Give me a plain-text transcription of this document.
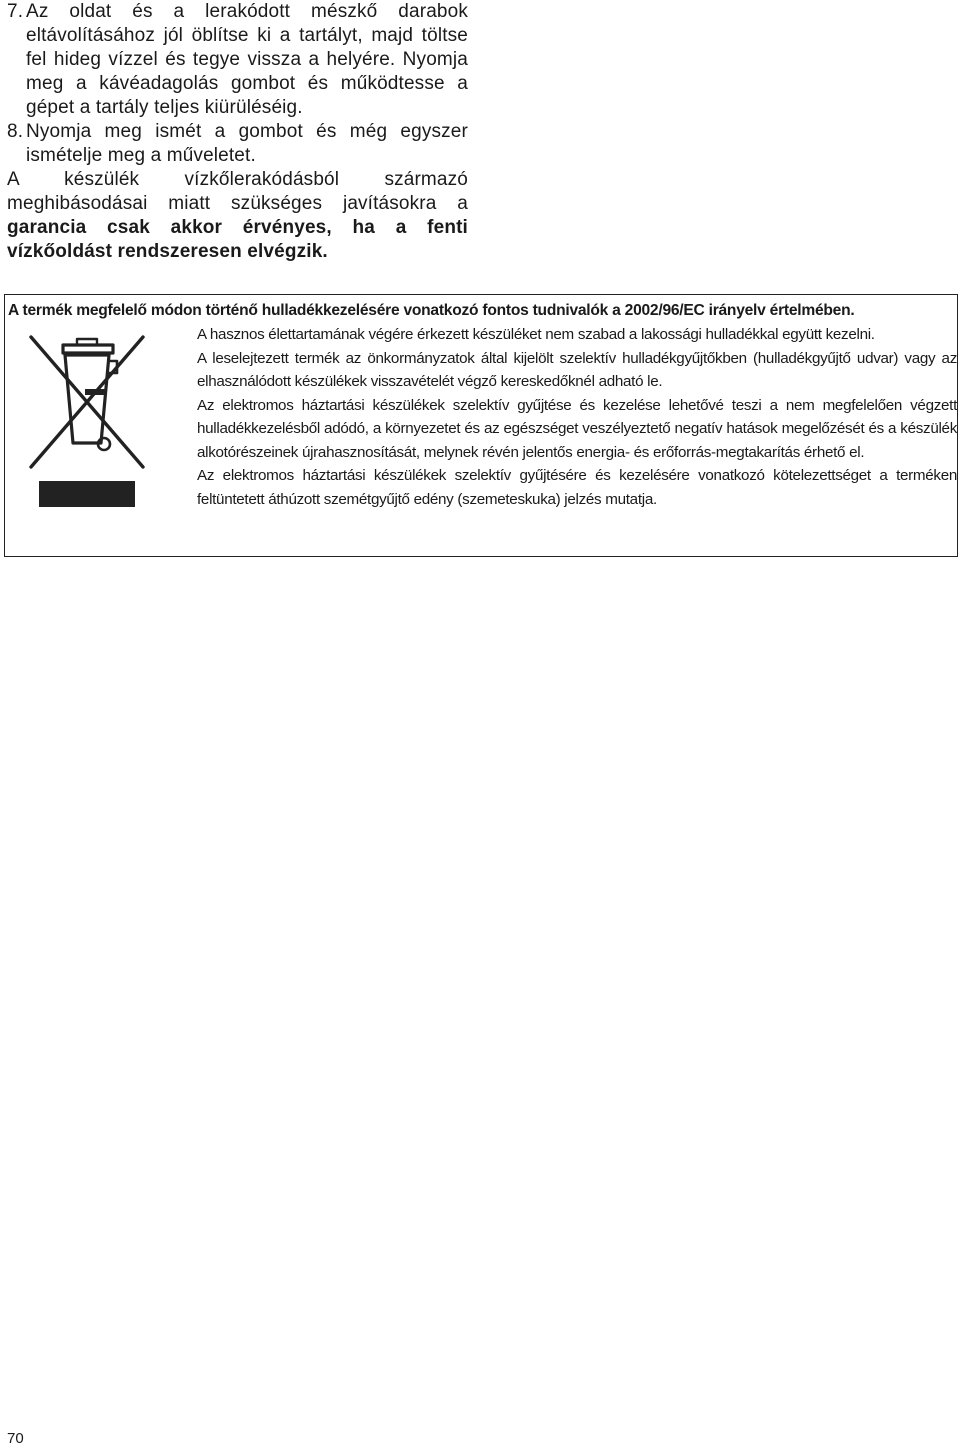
7. Az oldat és a lerakódott mészkő darabok eltávolításához jól öblítse ki a tartályt, majd töltse fel hideg vízzel és tegye vissza a helyére. Nyomja meg a kávéadagolás gombot és működtesse a gépet a tartály teljes kiürüléséig.
8. Nyomja meg ismét a gombot és még egyszer ismételje meg a műveletet.
A készülék vízkőlerakódásból származó meghibásodásai miatt szükséges javításokra a
garancia csak akkor érvényes, ha a fenti
vízkőoldást rendszeresen elvégzik.
A termék megfelelő módon történő hulladékkezelésére vonatkozó fontos tudnivalók a 2002/96/EC irányelv értelmében.

A hasznos élettartamának végére érkezett készüléket nem szabad a lakossági hulladékkal együtt kezelni.

A leselejtezett termék az önkormányzatok által kijelölt szelektív hulladékgyűjtőkben (hulladékgyűjtő udvar) vagy az elhasználódott készülékek visszavételét végző kereskedőknél adható le.

Az elektromos háztartási készülékek szelektív gyűjtése és kezelése lehetővé teszi a nem megfelelően végzett hulladékkezelésből adódó, a környezetet és az egészséget veszélyeztető negatív hatások megelőzését és a készülék alkotórészeinek újrahasznosítását, melynek révén jelentős energia- és erőforrás-megtakarítás érhető el.

Az elektromos háztartási készülékek szelektív gyűjtésére és kezelésére vonatkozó kötelezettséget a terméken feltüntetett áthúzott szemétgyűjtő edény (szemeteskuka) jelzés mutatja.

70
